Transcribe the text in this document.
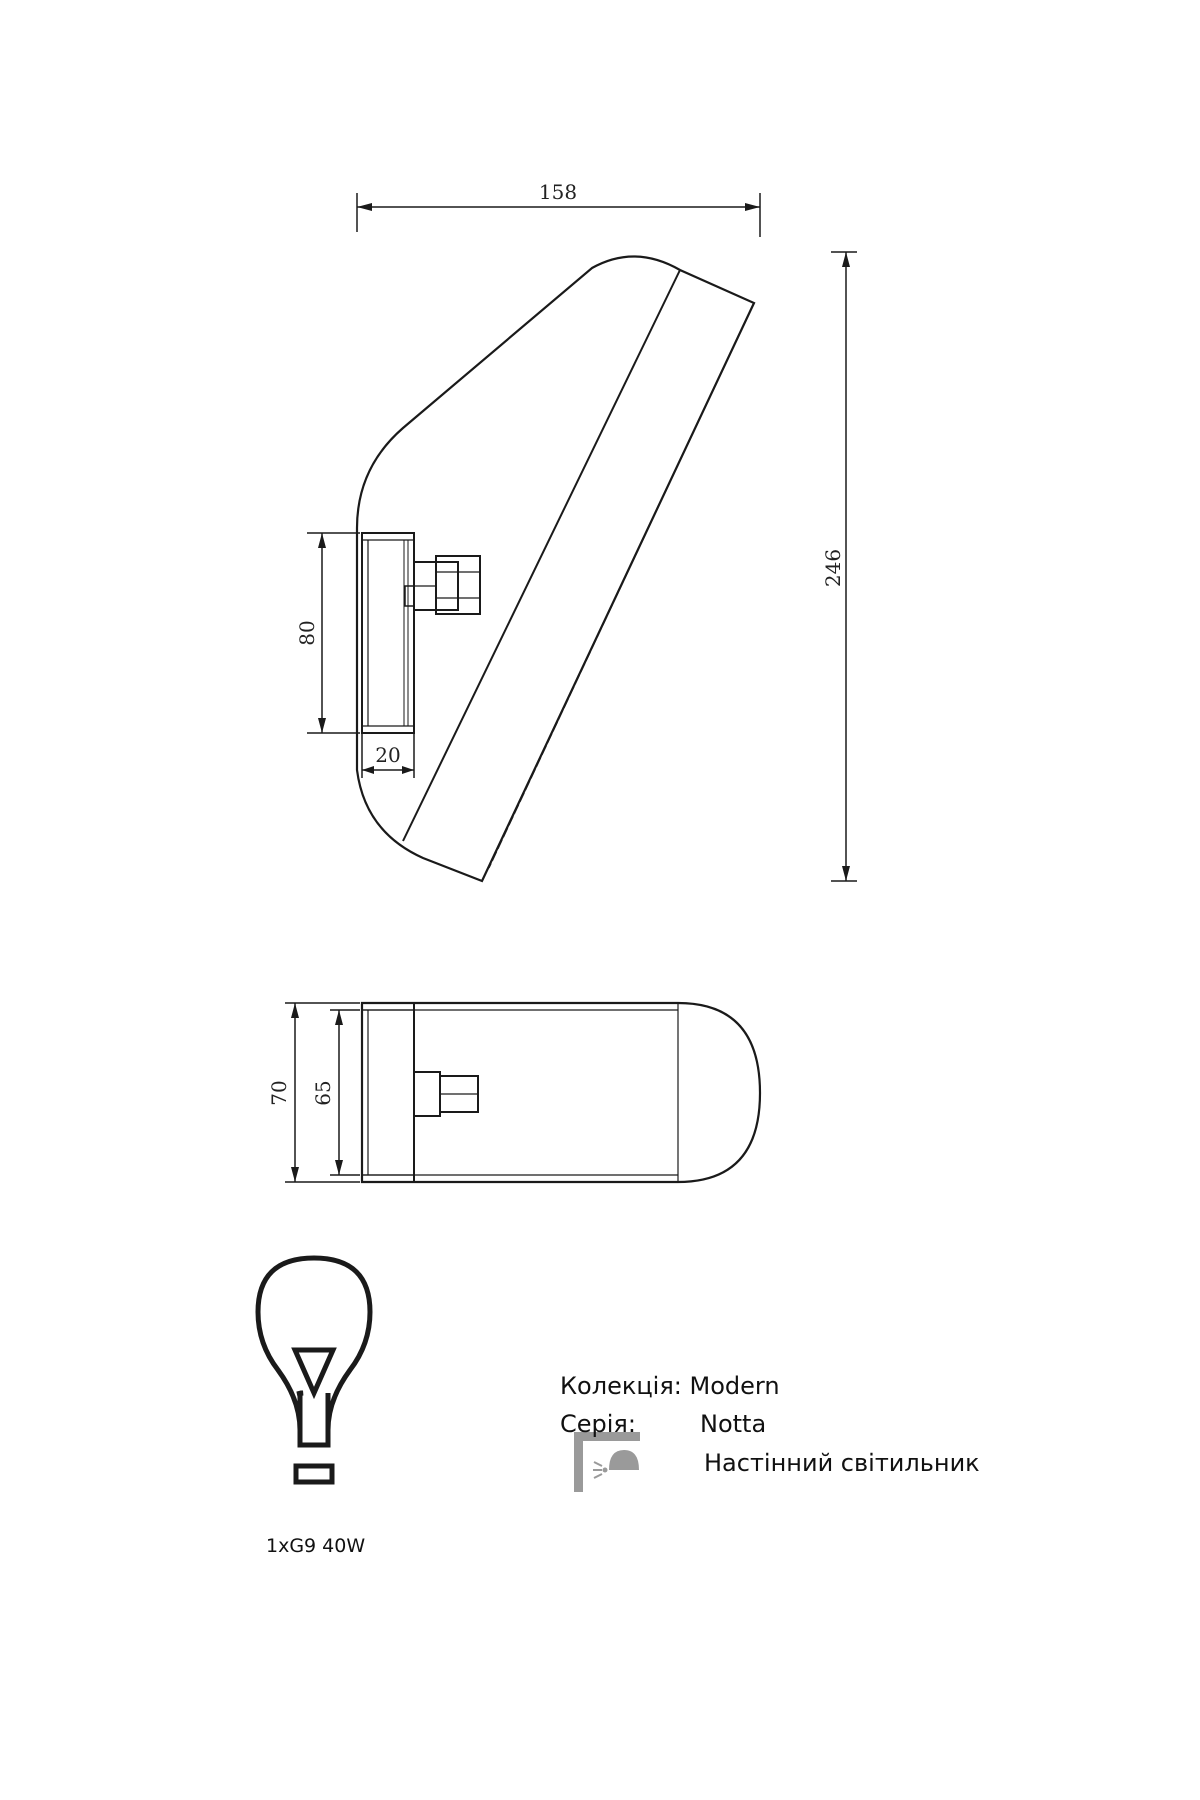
158
246
80
20
70 65
1xG9 40W
Колекція: Modern
Серія:	Notta
Настінний світильник
